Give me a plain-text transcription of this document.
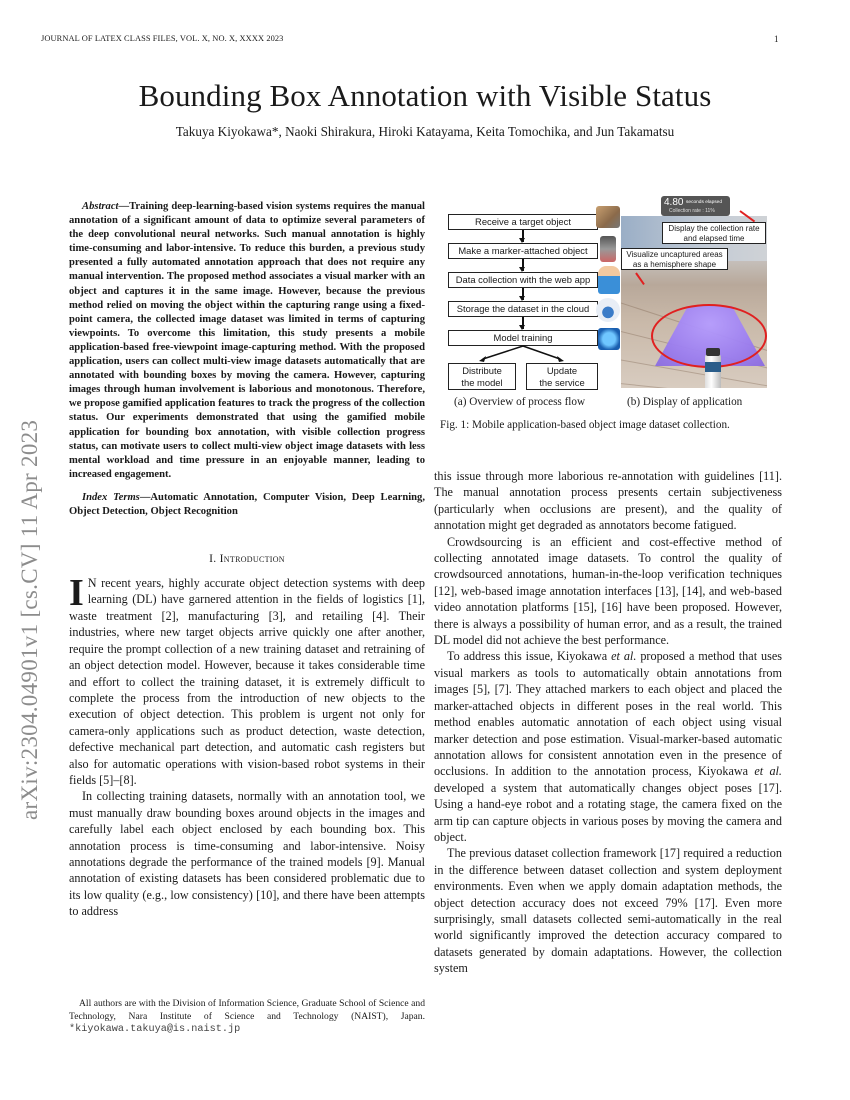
JOURNAL OF LATEX CLASS FILES, VOL. X, NO. X, XXXX 2023	1
Bounding Box Annotation with Visible Status
Takuya Kiyokawa*, Naoki Shirakura, Hiroki Katayama, Keita Tomochika, and Jun Takamatsu
arXiv:2304.04901v1 [cs.CV] 11 Apr 2023

Abstract—Training deep-learning-based vision systems requires the manual annotation of a significant amount of data to optimize several parameters of the deep convolutional neural networks. Such manual annotation is highly time-consuming and labor-intensive. To reduce this burden, a previous study presented a fully automated annotation approach that does not require any manual intervention. The proposed method associates a visual marker with an object and captures it in the same image. However, because the previous method relied on moving the object within the capturing range using a fixed-point camera, the collected image dataset was limited in terms of capturing viewpoints. To overcome this limitation, this study presents a mobile application-based free-viewpoint image-capturing method. With the proposed application, users can collect multi-view image datasets automatically that are annotated with bounding boxes by moving the camera. However, capturing images through human involvement is laborious and monotonous. Therefore, we propose gamified application features to track the progress of the collection status. Our experiments demonstrated that using the gamified mobile application for bounding box annotation, with visible collection progress status, can motivate users to collect multi-view object image datasets with less mental workload and time pressure in an enjoyable manner, leading to increased engagement.

Index Terms—Automatic Annotation, Computer Vision, Deep Learning, Object Detection, Object Recognition

I. Introduction

I N recent years, highly accurate object detection systems with deep learning (DL) have garnered attention in the fields of logistics [1], waste treatment [2], manufacturing [3], and retailing [4]. Their industries, where new target objects arrive quickly one after another, require the prompt collection of a new training dataset and retraining of an object detection model. However, because it takes considerable time and effort to collect the training dataset, it is extremely difficult to complete the process from the introduction of new objects to the execution of object detection. This problem is urgent not only for camera-only applications such as product detection, waste detection, defective mechanical part detection, and automatic cash registers but also for automatic operations with vision-based robot systems in their fields [5]–[8].

In collecting training datasets, normally with an annotation tool, we must manually draw bounding boxes around objects in the images and carefully label each object enclosed by each bounding box. This annotation process is time-consuming and labor-intensive. Noisy annotations degrade the performance of the trained models [9]. Manual annotation of existing datasets has been considered problematic due to its low quality (e.g., low consistency) [10], and there have been attempts to address

All authors are with the Division of Information Science, Graduate School of Science and Technology, Nara Institute of Science and Technology (NAIST), Japan. *kiyokawa.takuya@is.naist.jp

Receive a target object
Make a marker-attached object
Data collection with the web app
Storage the dataset in the cloud
Model training
Distribute
the model
Update
the service
4.80 seconds elapsed
Collection rate : 11%
Display the collection rate
and elapsed time
Visualize uncaptured areas
as a hemisphere shape
(a) Overview of process flow	(b) Display of application
Fig. 1: Mobile application-based object image dataset collection.

this issue through more laborious re-annotation with guidelines [11]. The manual annotation process presents certain subjectiveness (particularly when occlusions are present), and the quality of annotation might get degraded as annotators become fatigued.

Crowdsourcing is an efficient and cost-effective method of collecting annotated image datasets. To control the quality of crowdsourced annotations, human-in-the-loop verification techniques [12], web-based image annotation interfaces [13], [14], and web-based video annotation platforms [15], [16] have been proposed. However, there is always a possibility of human error, and as a result, the trained DL model did not achieve the best performance.

To address this issue, Kiyokawa et al. proposed a method that uses visual markers as tools to automatically obtain annotations from images [5], [7]. They attached markers to each object and placed the marker-attached objects in different poses in the real world. This method enables automatic annotation of each object using visual marker detection and pose estimation. Visual-marker-based automatic annotation allows for consistent annotation even in the presence of occlusions. In addition to the annotation process, Kiyokawa et al. developed a system that automatically changes object poses [17]. Using a hand-eye robot and a rotating stage, the camera fixed on the arm tip can capture objects in various poses by moving the camera and object.

The previous dataset collection framework [17] required a reduction in the difference between dataset collection and system deployment environments. Even when we apply domain adaptation methods, the object detection accuracy does not exceed 79% [17]. Even more surprisingly, small datasets collected semi-automatically in the real world significantly improved the detection accuracy compared to datasets generated by domain adaptations. However, the collection system
